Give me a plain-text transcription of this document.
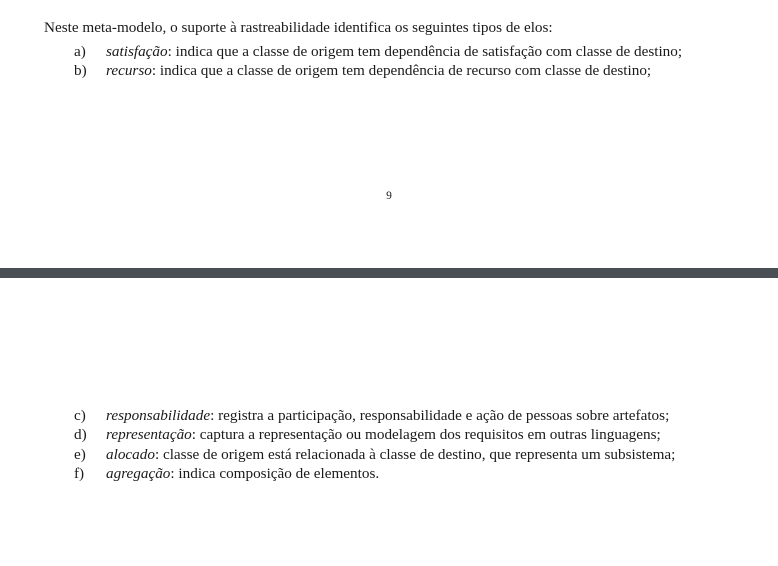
Neste meta-modelo, o suporte à rastreabilidade identifica os seguintes tipos de elos:
a)	satisfação: indica que a classe de origem tem dependência de satisfação com classe de destino;
b)	recurso: indica que a classe de origem tem dependência de recurso com classe de destino;
9
c)	responsabilidade: registra a participação, responsabilidade e ação de pessoas sobre artefatos;
d)	representação: captura a representação ou modelagem dos requisitos em outras linguagens;
e)	alocado: classe de origem está relacionada à classe de destino, que representa um subsistema;
f)	agregação: indica composição de elementos.
